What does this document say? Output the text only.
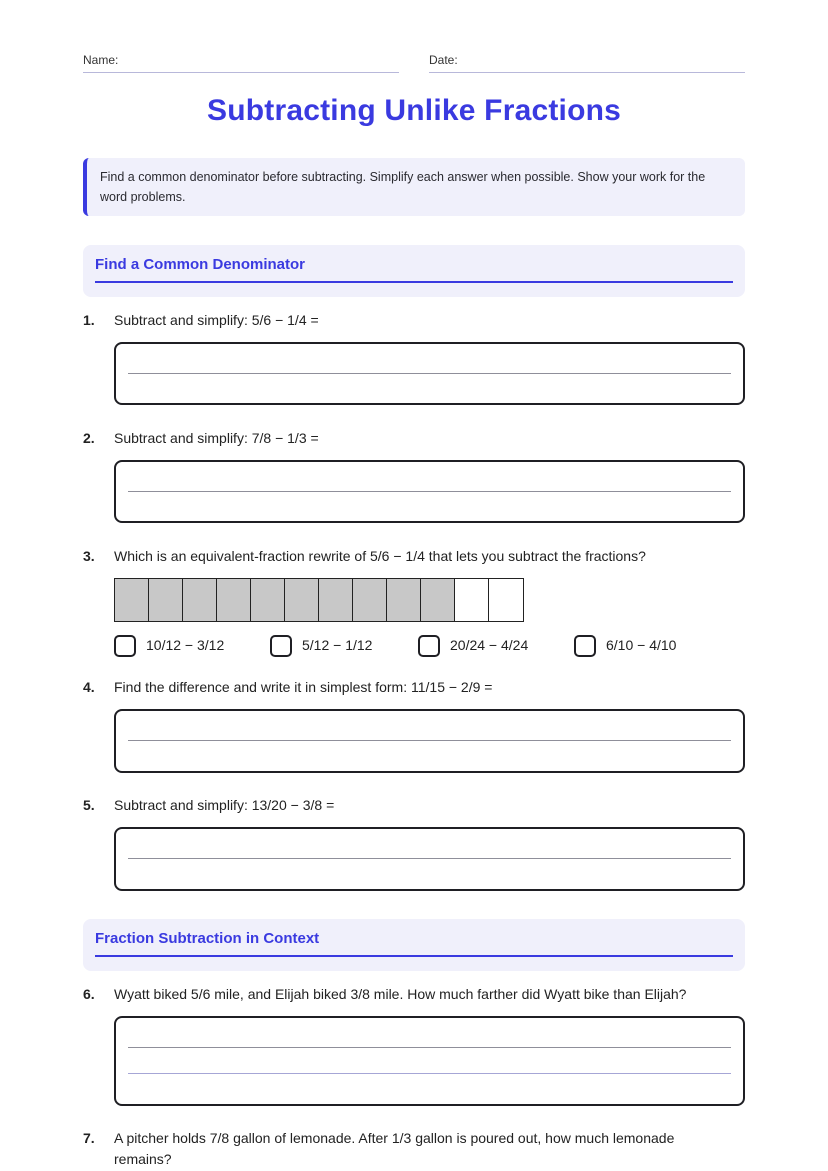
Name:	Date:
Subtracting Unlike Fractions
Find a common denominator before subtracting. Simplify each answer when possible. Show your work for the word problems.
Find a Common Denominator
1. Subtract and simplify: 5/6 − 1/4 =
2. Subtract and simplify: 7/8 − 1/3 =
3. Which is an equivalent-fraction rewrite of 5/6 − 1/4 that lets you subtract the fractions?
10/12 − 3/12	5/12 − 1/12	20/24 − 4/24	6/10 − 4/10
4. Find the difference and write it in simplest form: 11/15 − 2/9 =
5. Subtract and simplify: 13/20 − 3/8 =
Fraction Subtraction in Context
6. Wyatt biked 5/6 mile, and Elijah biked 3/8 mile. How much farther did Wyatt bike than Elijah?
7. A pitcher holds 7/8 gallon of lemonade. After 1/3 gallon is poured out, how much lemonade remains?
